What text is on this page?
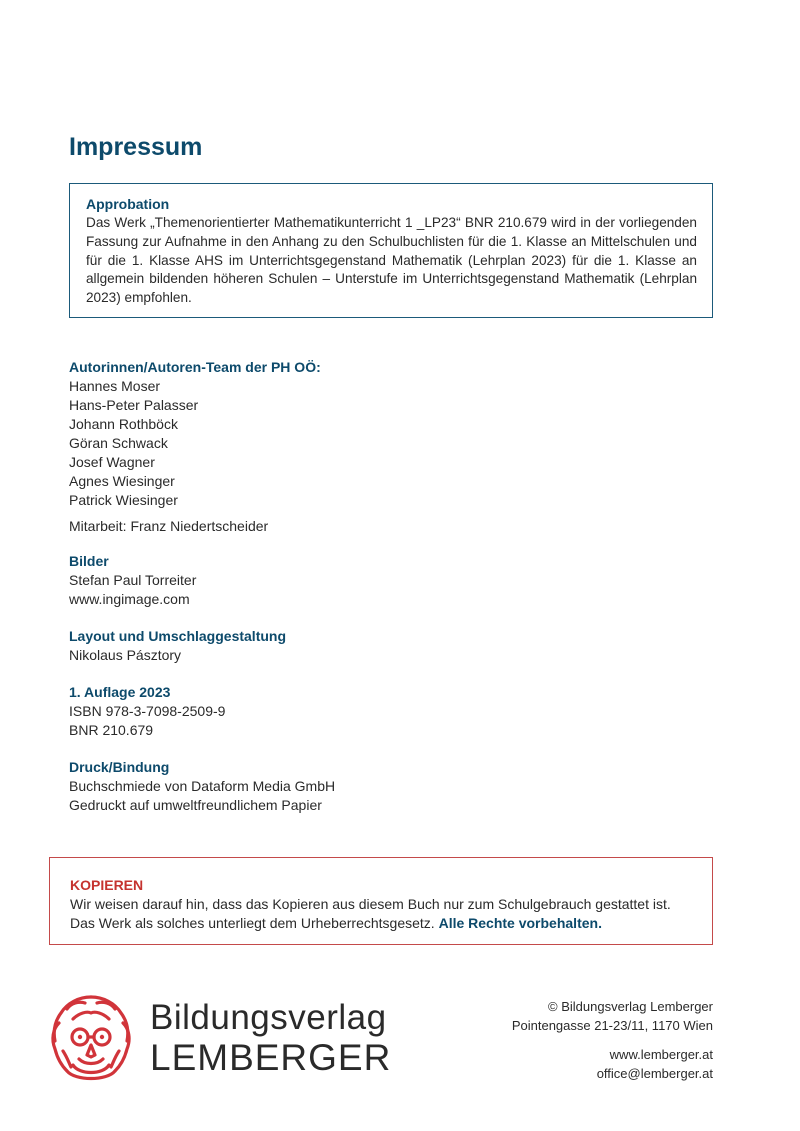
Impressum
Approbation

Das Werk „Themenorientierter Mathematikunterricht 1 _LP23“ BNR 210.679 wird in der vorliegenden Fassung zur Aufnahme in den Anhang zu den Schulbuchlisten für die 1. Klasse an Mittelschulen und für die 1. Klasse AHS im Unterrichtsgegenstand Mathematik (Lehrplan 2023) für die 1. Klasse an allgemein bildenden höheren Schulen – Unterstufe im Unterrichtsgegenstand Mathematik (Lehrplan 2023) empfohlen.

Autorinnen/Autoren-Team der PH OÖ:
Hannes Moser
Hans-Peter Palasser
Johann Rothböck
Göran Schwack
Josef Wagner
Agnes Wiesinger
Patrick Wiesinger
Mitarbeit: Franz Niedertscheider
Bilder
Stefan Paul Torreiter
www.ingimage.com
Layout und Umschlaggestaltung
Nikolaus Pásztory
1. Auflage 2023
ISBN 978-3-7098-2509-9
BNR 210.679
Druck/Bindung
Buchschmiede von Dataform Media GmbH
Gedruckt auf umweltfreundlichem Papier
KOPIEREN
Wir weisen darauf hin, dass das Kopieren aus diesem Buch nur zum Schulgebrauch gestattet ist.
Das Werk als solches unterliegt dem Urheberrechtsgesetz. Alle Rechte vorbehalten.
Bildungsverlag
LEMBERGER
© Bildungsverlag Lemberger
Pointengasse 21-23/11, 1170 Wien
www.lemberger.at
office@lemberger.at
